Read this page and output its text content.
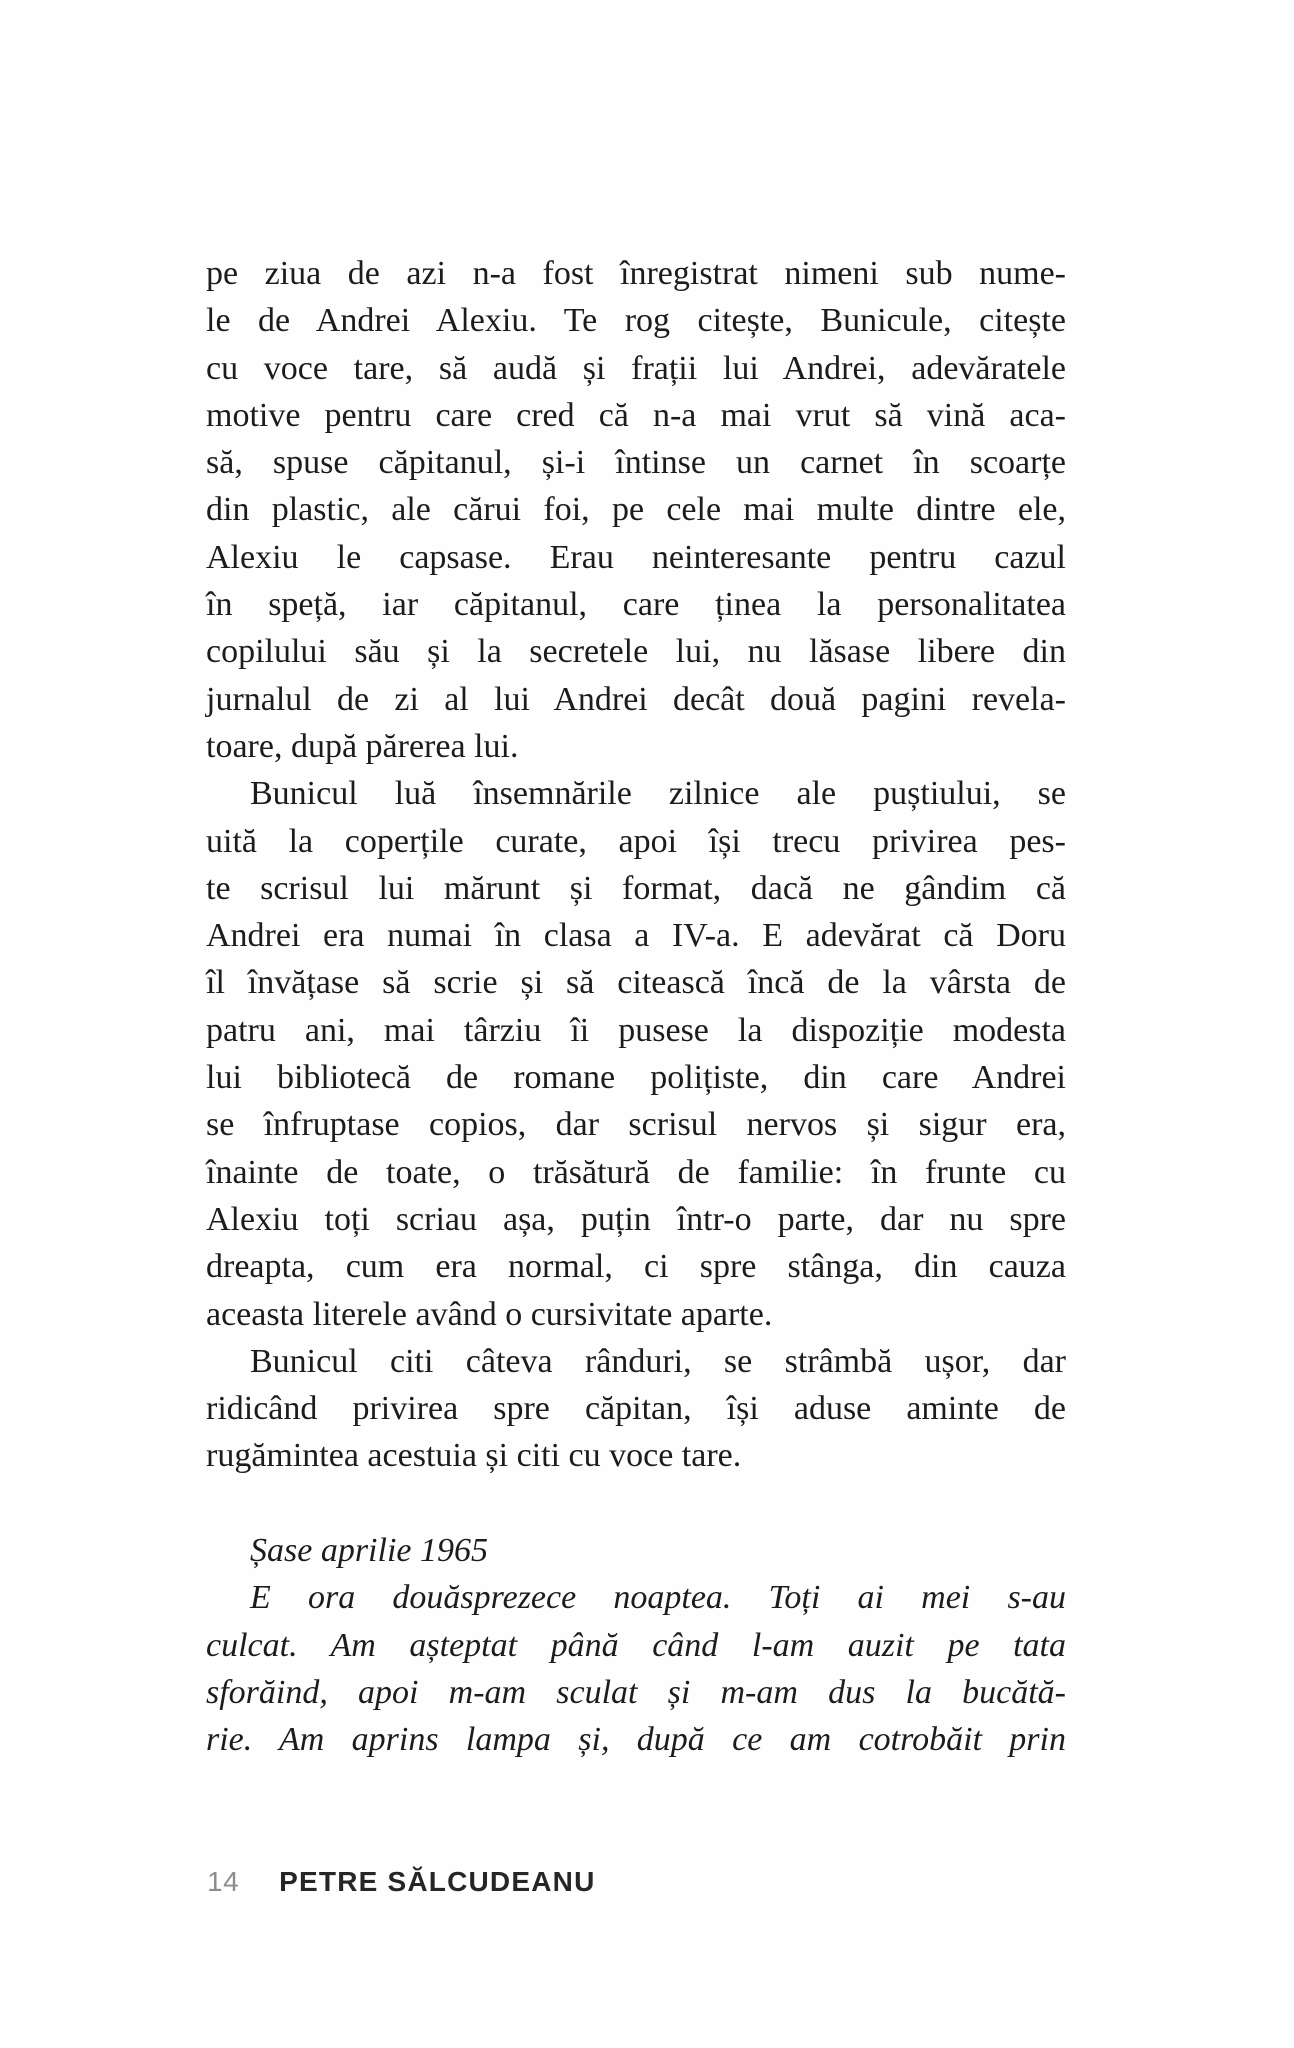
pe ziua de azi n-a fost înregistrat nimeni sub nume-
le de Andrei Alexiu. Te rog citește, Bunicule, citește
cu voce tare, să audă și frații lui Andrei, adevăratele
motive pentru care cred că n-a mai vrut să vină aca-
să, spuse căpitanul, și-i întinse un carnet în scoarțe
din plastic, ale cărui foi, pe cele mai multe dintre ele,
Alexiu le capsase. Erau neinteresante pentru cazul
în speță, iar căpitanul, care ținea la personalitatea
copilului său și la secretele lui, nu lăsase libere din
jurnalul de zi al lui Andrei decât două pagini revela-
toare, după părerea lui.
Bunicul luă însemnările zilnice ale puștiului, se
uită la coperțile curate, apoi își trecu privirea pes-
te scrisul lui mărunt și format, dacă ne gândim că
Andrei era numai în clasa a IV-a. E adevărat că Doru
îl învățase să scrie și să citească încă de la vârsta de
patru ani, mai târziu îi pusese la dispoziție modesta
lui bibliotecă de romane polițiste, din care Andrei
se înfruptase copios, dar scrisul nervos și sigur era,
înainte de toate, o trăsătură de familie: în frunte cu
Alexiu toți scriau așa, puțin într-o parte, dar nu spre
dreapta, cum era normal, ci spre stânga, din cauza
aceasta literele având o cursivitate aparte.
Bunicul citi câteva rânduri, se strâmbă ușor, dar
ridicând privirea spre căpitan, își aduse aminte de
rugămintea acestuia și citi cu voce tare.
Șase aprilie 1965
E ora douăsprezece noaptea. Toți ai mei s-au
culcat. Am așteptat până când l-am auzit pe tata
sforăind, apoi m-am sculat și m-am dus la bucătă-
rie. Am aprins lampa și, după ce am cotrobăit prin
14 PETRE SĂLCUDEANU
